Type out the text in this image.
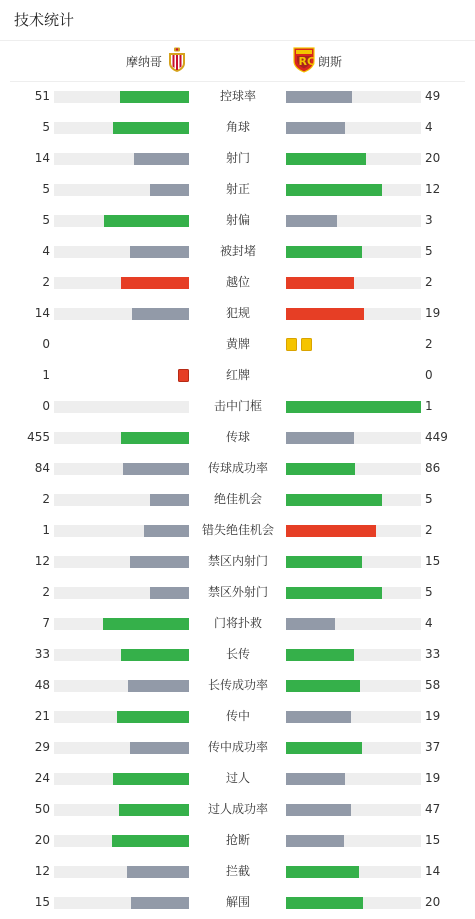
技术统计
摩纳哥	RC 朗斯
51	控球率	49
5	角球	4
14	射门	20
5	射正	12
5	射偏	3
4	被封堵	5
2	越位	2
14	犯规	19
0	黄牌	2
1	红牌	0
0	击中门框	1
455	传球	449
84	传球成功率	86
2	绝佳机会	5
1	错失绝佳机会	2
12	禁区内射门	15
2	禁区外射门	5
7	门将扑救	4
33	长传	33
48	长传成功率	58
21	传中	19
29	传中成功率	37
24	过人	19
50	过人成功率	47
20	抢断	15
12	拦截	14
15	解围	20
